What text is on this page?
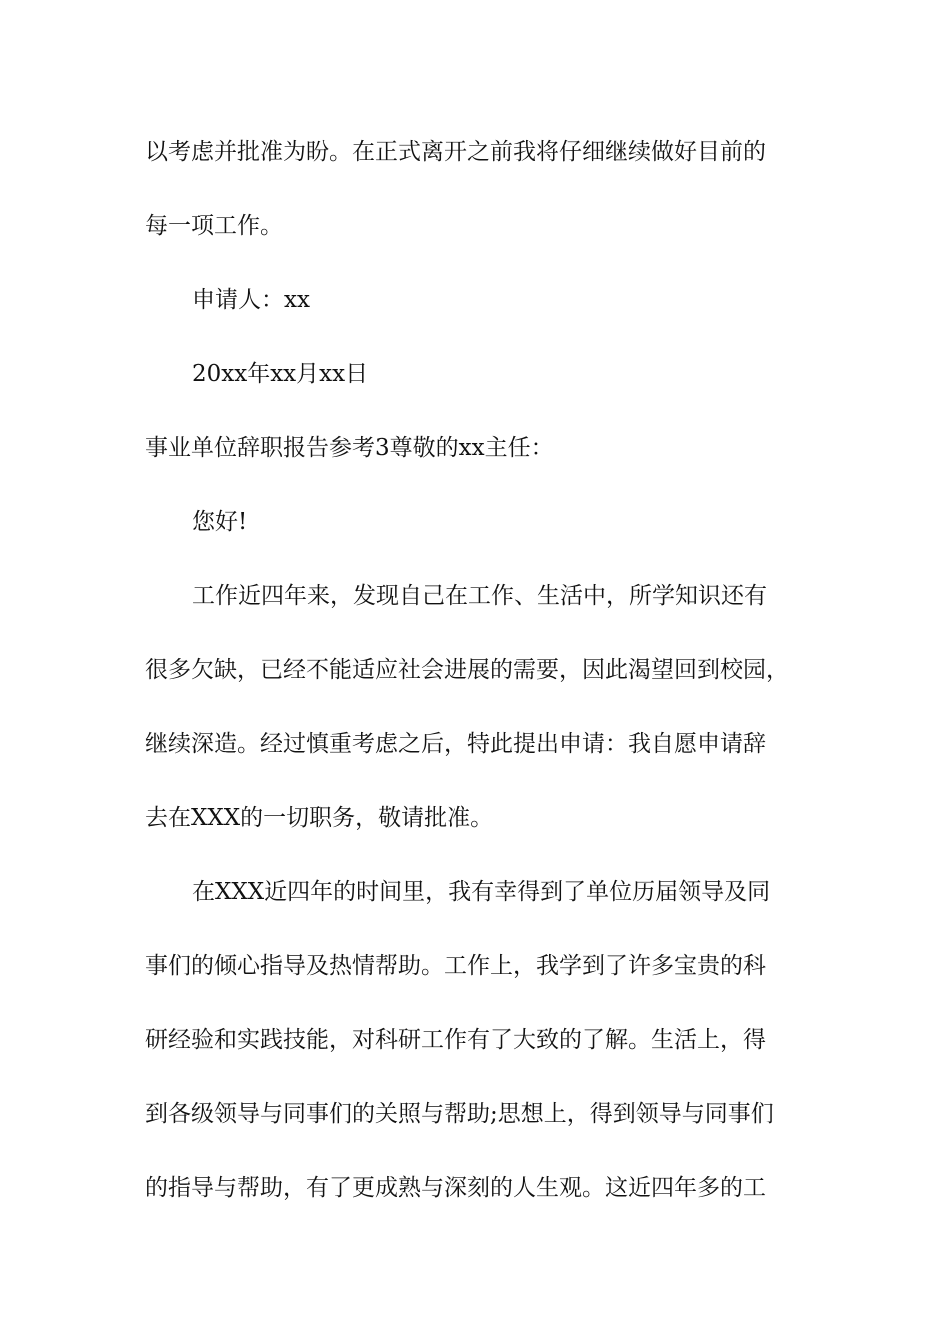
以考虑并批准为盼。在正式离开之前我将仔细继续做好目前的
每一项工作。
申请人：xx
20xx年xx月xx日
事业单位辞职报告参考3尊敬的xx主任：
您好!
工作近四年来，发现自己在工作、生活中，所学知识还有
很多欠缺，已经不能适应社会进展的需要，因此渴望回到校园，
继续深造。经过慎重考虑之后，特此提出申请：我自愿申请辞
去在XXX的一切职务，敬请批准。
在XXX近四年的时间里，我有幸得到了单位历届领导及同
事们的倾心指导及热情帮助。工作上，我学到了许多宝贵的科
研经验和实践技能，对科研工作有了大致的了解。生活上，得
到各级领导与同事们的关照与帮助;思想上，得到领导与同事们
的指导与帮助，有了更成熟与深刻的人生观。这近四年多的工
